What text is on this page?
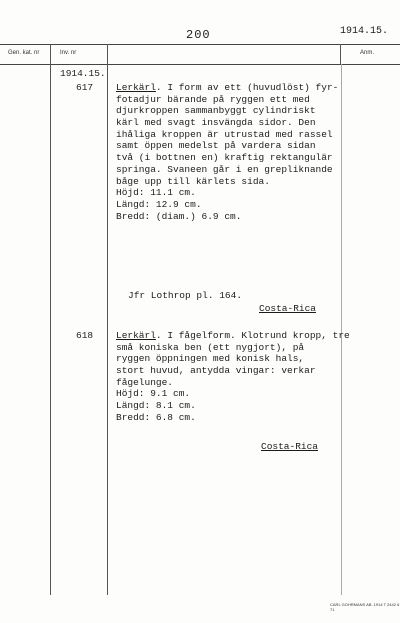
200	1914.15.
Gen. kat. nr	Inv. nr	Anm.
1914.15.
617 Lerkärl. I form av ett (huvudlöst) fyr-
fotadjur bärande på ryggen ett med
djurkroppen sammanbyggt cylindriskt
kärl med svagt insvängda sidor. Den
ihåliga kroppen är utrustad med rassel
samt öppen medelst på vardera sidan
två (i bottnen en) kraftig rektangulär
springa. Svaneen går i en grepliknande
båge upp till kärlets sida.
Höjd: 11.1 cm.
Längd: 12.9 cm.
Bredd: (diam.) 6.9 cm.
Jfr Lothrop pl. 164.
Costa-Rica
618 Lerkärl. I fågelform. Klotrund kropp, tre
små koniska ben (ett nygjort), på
ryggen öppningen med konisk hals,
stort huvud, antydda vingar: verkar
fågelunge.
Höjd: 9.1 cm.
Längd: 8.1 cm.
Bredd: 6.8 cm.
Costa-Rica
CARL GOHRMANS AB. 1914 T 2442 6 71
